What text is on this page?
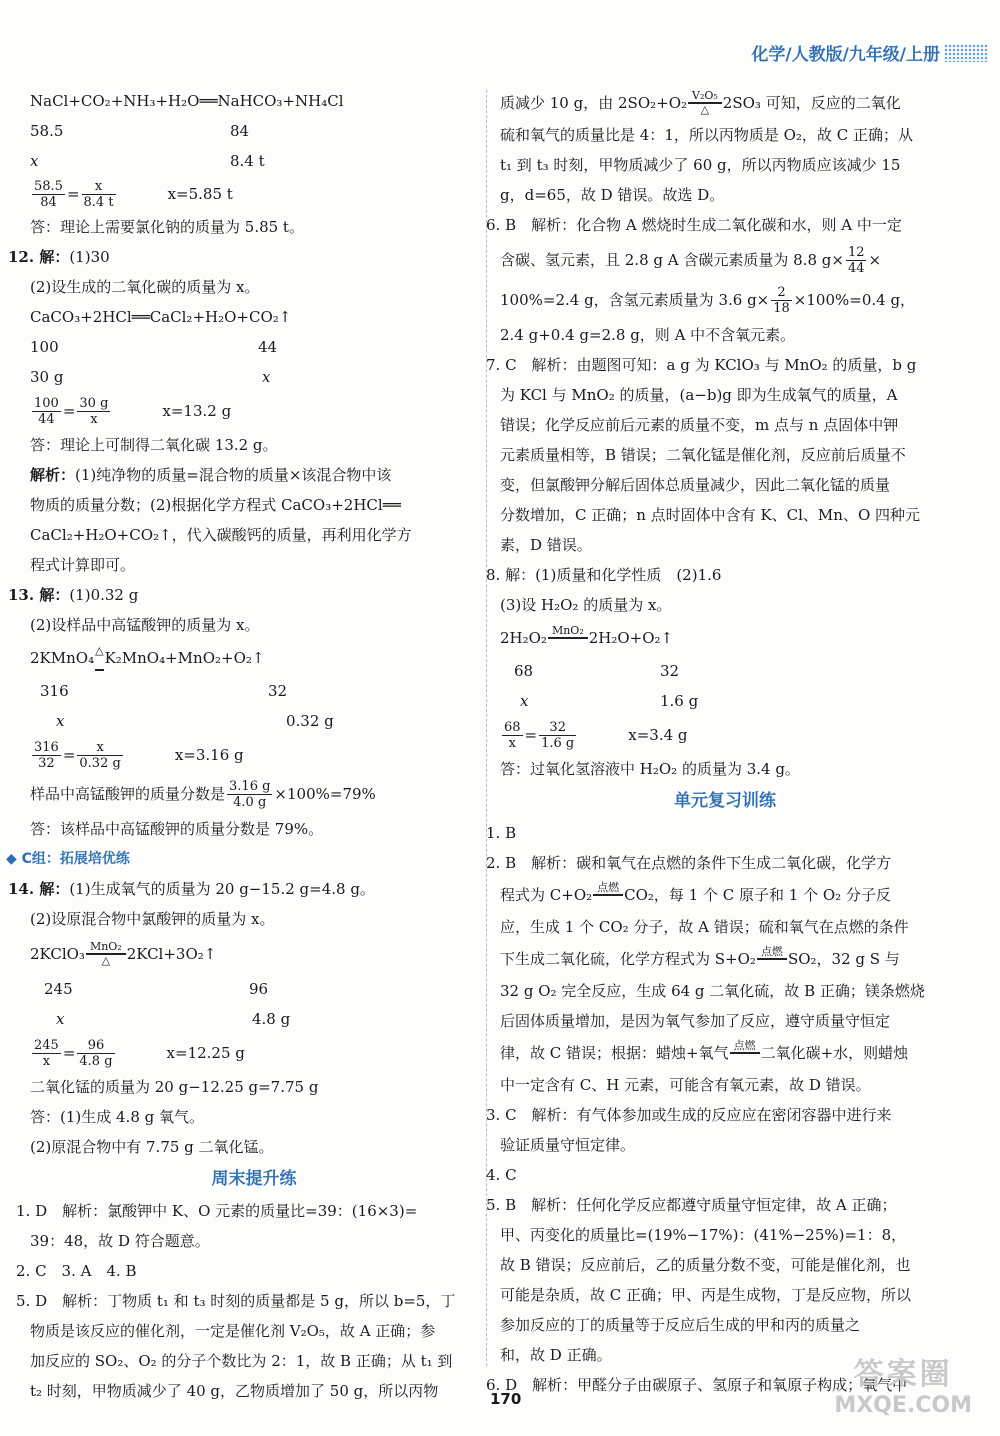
化学/人教版/九年级/上册
NaCl+CO₂+NH₃+H₂O══NaHCO₃+NH₄Cl
58.5	84
x	8.4 t
$\frac{58.5}{84} = \frac{x}{8.4 t}$	x=5.85 t
答：理论上需要氯化钠的质量为 5.85 t。
12. 解：(1)30
(2)设生成的二氧化碳的质量为 x。
CaCO₃+2HCl══CaCl₂+H₂O+CO₂↑
100	44
30 g	x
$\frac{100}{44} = \frac{30 g}{x}$	x=13.2 g
答：理论上可制得二氧化碳 13.2 g。
解析：(1)纯净物的质量=混合物的质量×该混合物中该
物质的质量分数；(2)根据化学方程式 CaCO₃+2HCl══
CaCl₂+H₂O+CO₂↑，代入碳酸钙的质量，再利用化学方
程式计算即可。
13. 解：(1)0.32 g
(2)设样品中高锰酸钾的质量为 x。
2KMnO₄ △ K₂MnO₄+MnO₂+O₂↑
316	32
x	0.32 g
$\frac{316}{32} = \frac{x}{0.32 g}$	x=3.16 g
样品中高锰酸钾的质量分数是 $\frac{3.16 g}{4.0 g} \times 100\%=79\%$
答：该样品中高锰酸钾的质量分数是 79%。
◆ C组：拓展培优练
14. 解：(1)生成氧气的质量为 20 g−15.2 g=4.8 g。
(2)设原混合物中氯酸钾的质量为 x。
2KClO₃ MnO₂
△	2KCl+3O₂↑
245	96
x	4.8 g
$\frac{245}{x} = \frac{96}{4.8 g}$	x=12.25 g
二氧化锰的质量为 20 g−12.25 g=7.75 g
答：(1)生成 4.8 g 氧气。
(2)原混合物中有 7.75 g 二氧化锰。
周末提升练
1. D　解析：氯酸钾中 K、O 元素的质量比=39：(16×3)=
39：48，故 D 符合题意。
2. C　3. A　4. B
5. D　解析：丁物质 t₁ 和 t₃ 时刻的质量都是 5 g，所以 b=5，丁
物质是该反应的催化剂，一定是催化剂 V₂O₅，故 A 正确；参
加反应的 SO₂、O₂ 的分子个数比为 2：1，故 B 正确；从 t₁ 到
t₂ 时刻，甲物质减少了 40 g，乙物质增加了 50 g，所以丙物
质减少 10 g，由 2SO₂+O₂ V₂O₅
△ 2SO₃ 可知，反应的二氧化
硫和氧气的质量比是 4：1，所以丙物质是 O₂，故 C 正确；从
t₁ 到 t₃ 时刻，甲物质减少了 60 g，所以丙物质应该减少 15
g，d=65，故 D 错误。故选 D。
6. B　解析：化合物 A 燃烧时生成二氧化碳和水，则 A 中一定
含碳、氢元素，且 2.8 g A 含碳元素质量为 8.8 $g\times \frac{12}{44}$ ×
100%=2.4 g，含氢元素质量为 3.6 $g\times \frac{2}{18} \times 100\%=0.4$ g，
2.4 g+0.4 g=2.8 g，则 A 中不含氧元素。
7. C　解析：由题图可知：a g 为 KClO₃ 与 MnO₂ 的质量，b g
为 KCl 与 MnO₂ 的质量，(a−b)g 即为生成氧气的质量，A
错误；化学反应前后元素的质量不变，m 点与 n 点固体中钾
元素质量相等，B 错误；二氧化锰是催化剂，反应前后质量不
变，但氯酸钾分解后固体总质量减少，因此二氧化锰的质量
分数增加，C 正确；n 点时固体中含有 K、Cl、Mn、O 四种元
素，D 错误。
8. 解：(1)质量和化学性质　(2)1.6
(3)设 H₂O₂ 的质量为 x。
2H₂O₂ MnO₂ 2H₂O+O₂↑
68	32
x	1.6 g
$\frac{68}{x} = \frac{32}{1.6 g}$	x=3.4 g
答：过氧化氢溶液中 H₂O₂ 的质量为 3.4 g。
单元复习训练
1. B
2. B　解析：碳和氧气在点燃的条件下生成二氧化碳，化学方
程式为 C+O₂ 点燃 CO₂，每 1 个 C 原子和 1 个 O₂ 分子反
应，生成 1 个 CO₂ 分子，故 A 错误；硫和氧气在点燃的条件
下生成二氧化硫，化学方程式为 S+O₂ 点燃 SO₂，32 g S 与
32 g O₂ 完全反应，生成 64 g 二氧化硫，故 B 正确；镁条燃烧
后固体质量增加，是因为氧气参加了反应，遵守质量守恒定
律，故 C 错误；根据：蜡烛+氧气 点燃 二氧化碳+水，则蜡烛
中一定含有 C、H 元素，可能含有氧元素，故 D 错误。
3. C　解析：有气体参加或生成的反应应在密闭容器中进行来
验证质量守恒定律。
4. C
5. B　解析：任何化学反应都遵守质量守恒定律，故 A 正确；
甲、丙变化的质量比=(19%−17%)：(41%−25%)=1：8，
故 B 错误；反应前后，乙的质量分数不变，可能是催化剂，也
可能是杂质，故 C 正确；甲、丙是生成物，丁是反应物，所以
参加反应的丁的质量等于反应后生成的甲和丙的质量之
和，故 D 正确。
6. D　解析：甲醛分子由碳原子、氢原子和氧原子构成；氧气中
170
答案圈
MXQE.COM
